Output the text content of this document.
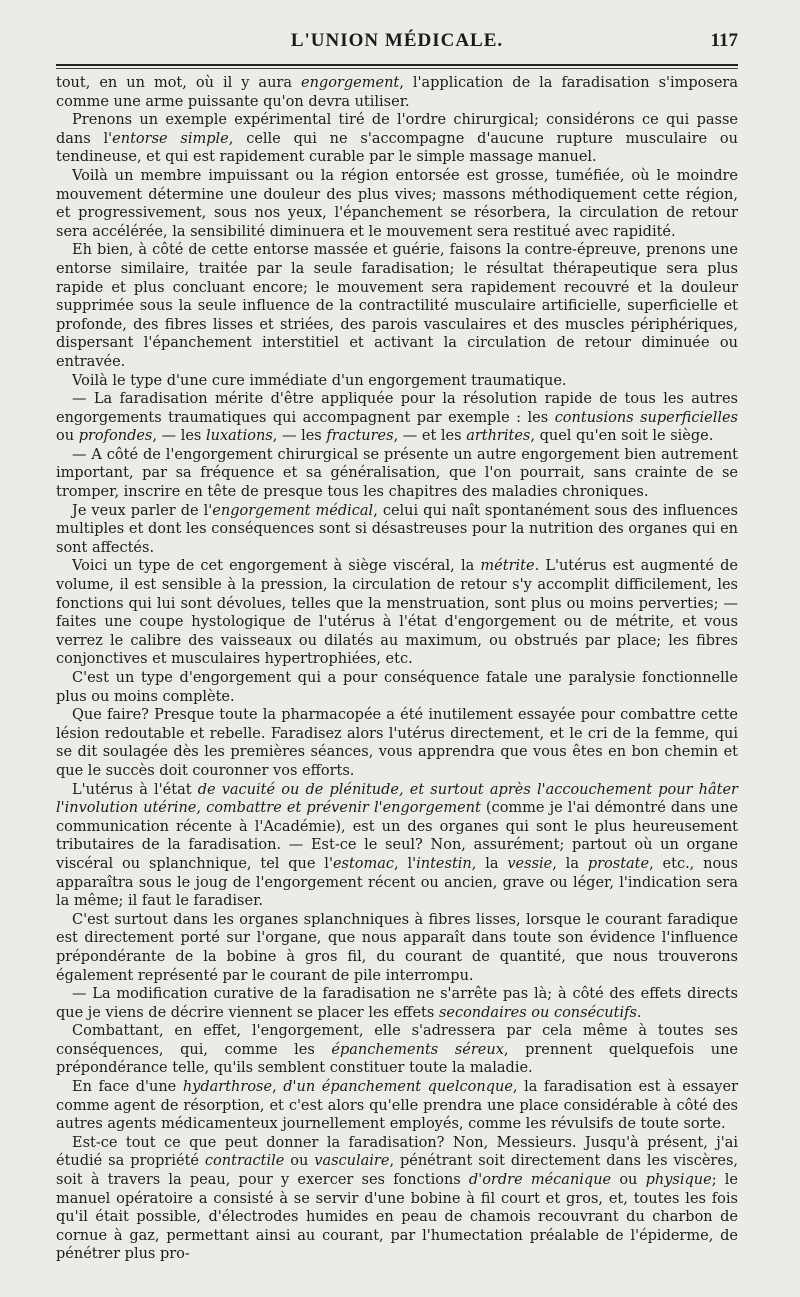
L'UNION MÉDICALE.	117

tout, en un mot, où il y aura engorgement, l'application de la faradisation s'imposera comme une arme puissante qu'on devra utiliser.

Prenons un exemple expérimental tiré de l'ordre chirurgical; considérons ce qui passe dans l'entorse simple, celle qui ne s'accompagne d'aucune rupture musculaire ou tendineuse, et qui est rapidement curable par le simple massage manuel.

Voilà un membre impuissant ou la région entorsée est grosse, tuméfiée, où le moindre mouvement détermine une douleur des plus vives; massons méthodiquement cette région, et progressivement, sous nos yeux, l'épanchement se résorbera, la circulation de retour sera accélérée, la sensibilité diminuera et le mouvement sera restitué avec rapidité.

Eh bien, à côté de cette entorse massée et guérie, faisons la contre-épreuve, prenons une entorse similaire, traitée par la seule faradisation; le résultat thérapeutique sera plus rapide et plus concluant encore; le mouvement sera rapidement recouvré et la douleur supprimée sous la seule influence de la contractilité musculaire artificielle, superficielle et profonde, des fibres lisses et striées, des parois vasculaires et des muscles périphériques, dispersant l'épanchement interstitiel et activant la circulation de retour diminuée ou entravée.

Voilà le type d'une cure immédiate d'un engorgement traumatique.

— La faradisation mérite d'être appliquée pour la résolution rapide de tous les autres engorgements traumatiques qui accompagnent par exemple : les contusions superficielles ou profondes, — les luxations, — les fractures, — et les arthrites, quel qu'en soit le siège.

— A côté de l'engorgement chirurgical se présente un autre engorgement bien autrement important, par sa fréquence et sa généralisation, que l'on pourrait, sans crainte de se tromper, inscrire en tête de presque tous les chapitres des maladies chroniques.

Je veux parler de l'engorgement médical, celui qui naît spontanément sous des influences multiples et dont les conséquences sont si désastreuses pour la nutrition des organes qui en sont affectés.

Voici un type de cet engorgement à siège viscéral, la métrite. L'utérus est augmenté de volume, il est sensible à la pression, la circulation de retour s'y accomplit difficilement, les fonctions qui lui sont dévolues, telles que la menstruation, sont plus ou moins perverties; — faites une coupe hystologique de l'utérus à l'état d'engorgement ou de métrite, et vous verrez le calibre des vaisseaux ou dilatés au maximum, ou obstrués par place; les fibres conjonctives et musculaires hypertrophiées, etc.

C'est un type d'engorgement qui a pour conséquence fatale une paralysie fonctionnelle plus ou moins complète.

Que faire? Presque toute la pharmacopée a été inutilement essayée pour combattre cette lésion redoutable et rebelle. Faradisez alors l'utérus directement, et le cri de la femme, qui se dit soulagée dès les premières séances, vous apprendra que vous êtes en bon chemin et que le succès doit couronner vos efforts.

L'utérus à l'état de vacuité ou de plénitude, et surtout après l'accouchement pour hâter l'involution utérine, combattre et prévenir l'engorgement (comme je l'ai démontré dans une communication récente à l'Académie), est un des organes qui sont le plus heureusement tributaires de la faradisation. — Est-ce le seul? Non, assurément; partout où un organe viscéral ou splanchnique, tel que l'estomac, l'intestin, la vessie, la prostate, etc., nous apparaîtra sous le joug de l'engorgement récent ou ancien, grave ou léger, l'indication sera la même; il faut le faradiser.

C'est surtout dans les organes splanchniques à fibres lisses, lorsque le courant faradique est directement porté sur l'organe, que nous apparaît dans toute son évidence l'influence prépondérante de la bobine à gros fil, du courant de quantité, que nous trouverons également représenté par le courant de pile interrompu.

— La modification curative de la faradisation ne s'arrête pas là; à côté des effets directs que je viens de décrire viennent se placer les effets secondaires ou consécutifs.

Combattant, en effet, l'engorgement, elle s'adressera par cela même à toutes ses conséquences, qui, comme les épanchements séreux, prennent quelquefois une prépondérance telle, qu'ils semblent constituer toute la maladie.

En face d'une hydarthrose, d'un épanchement quelconque, la faradisation est à essayer comme agent de résorption, et c'est alors qu'elle prendra une place considérable à côté des autres agents médicamenteux journellement employés, comme les révulsifs de toute sorte.

Est-ce tout ce que peut donner la faradisation? Non, Messieurs. Jusqu'à présent, j'ai étudié sa propriété contractile ou vasculaire, pénétrant soit directement dans les viscères, soit à travers la peau, pour y exercer ses fonctions d'ordre mécanique ou physique; le manuel opératoire a consisté à se servir d'une bobine à fil court et gros, et, toutes les fois qu'il était possible, d'électrodes humides en peau de chamois recouvrant du charbon de cornue à gaz, permettant ainsi au courant, par l'humectation préalable de l'épiderme, de pénétrer plus pro-
